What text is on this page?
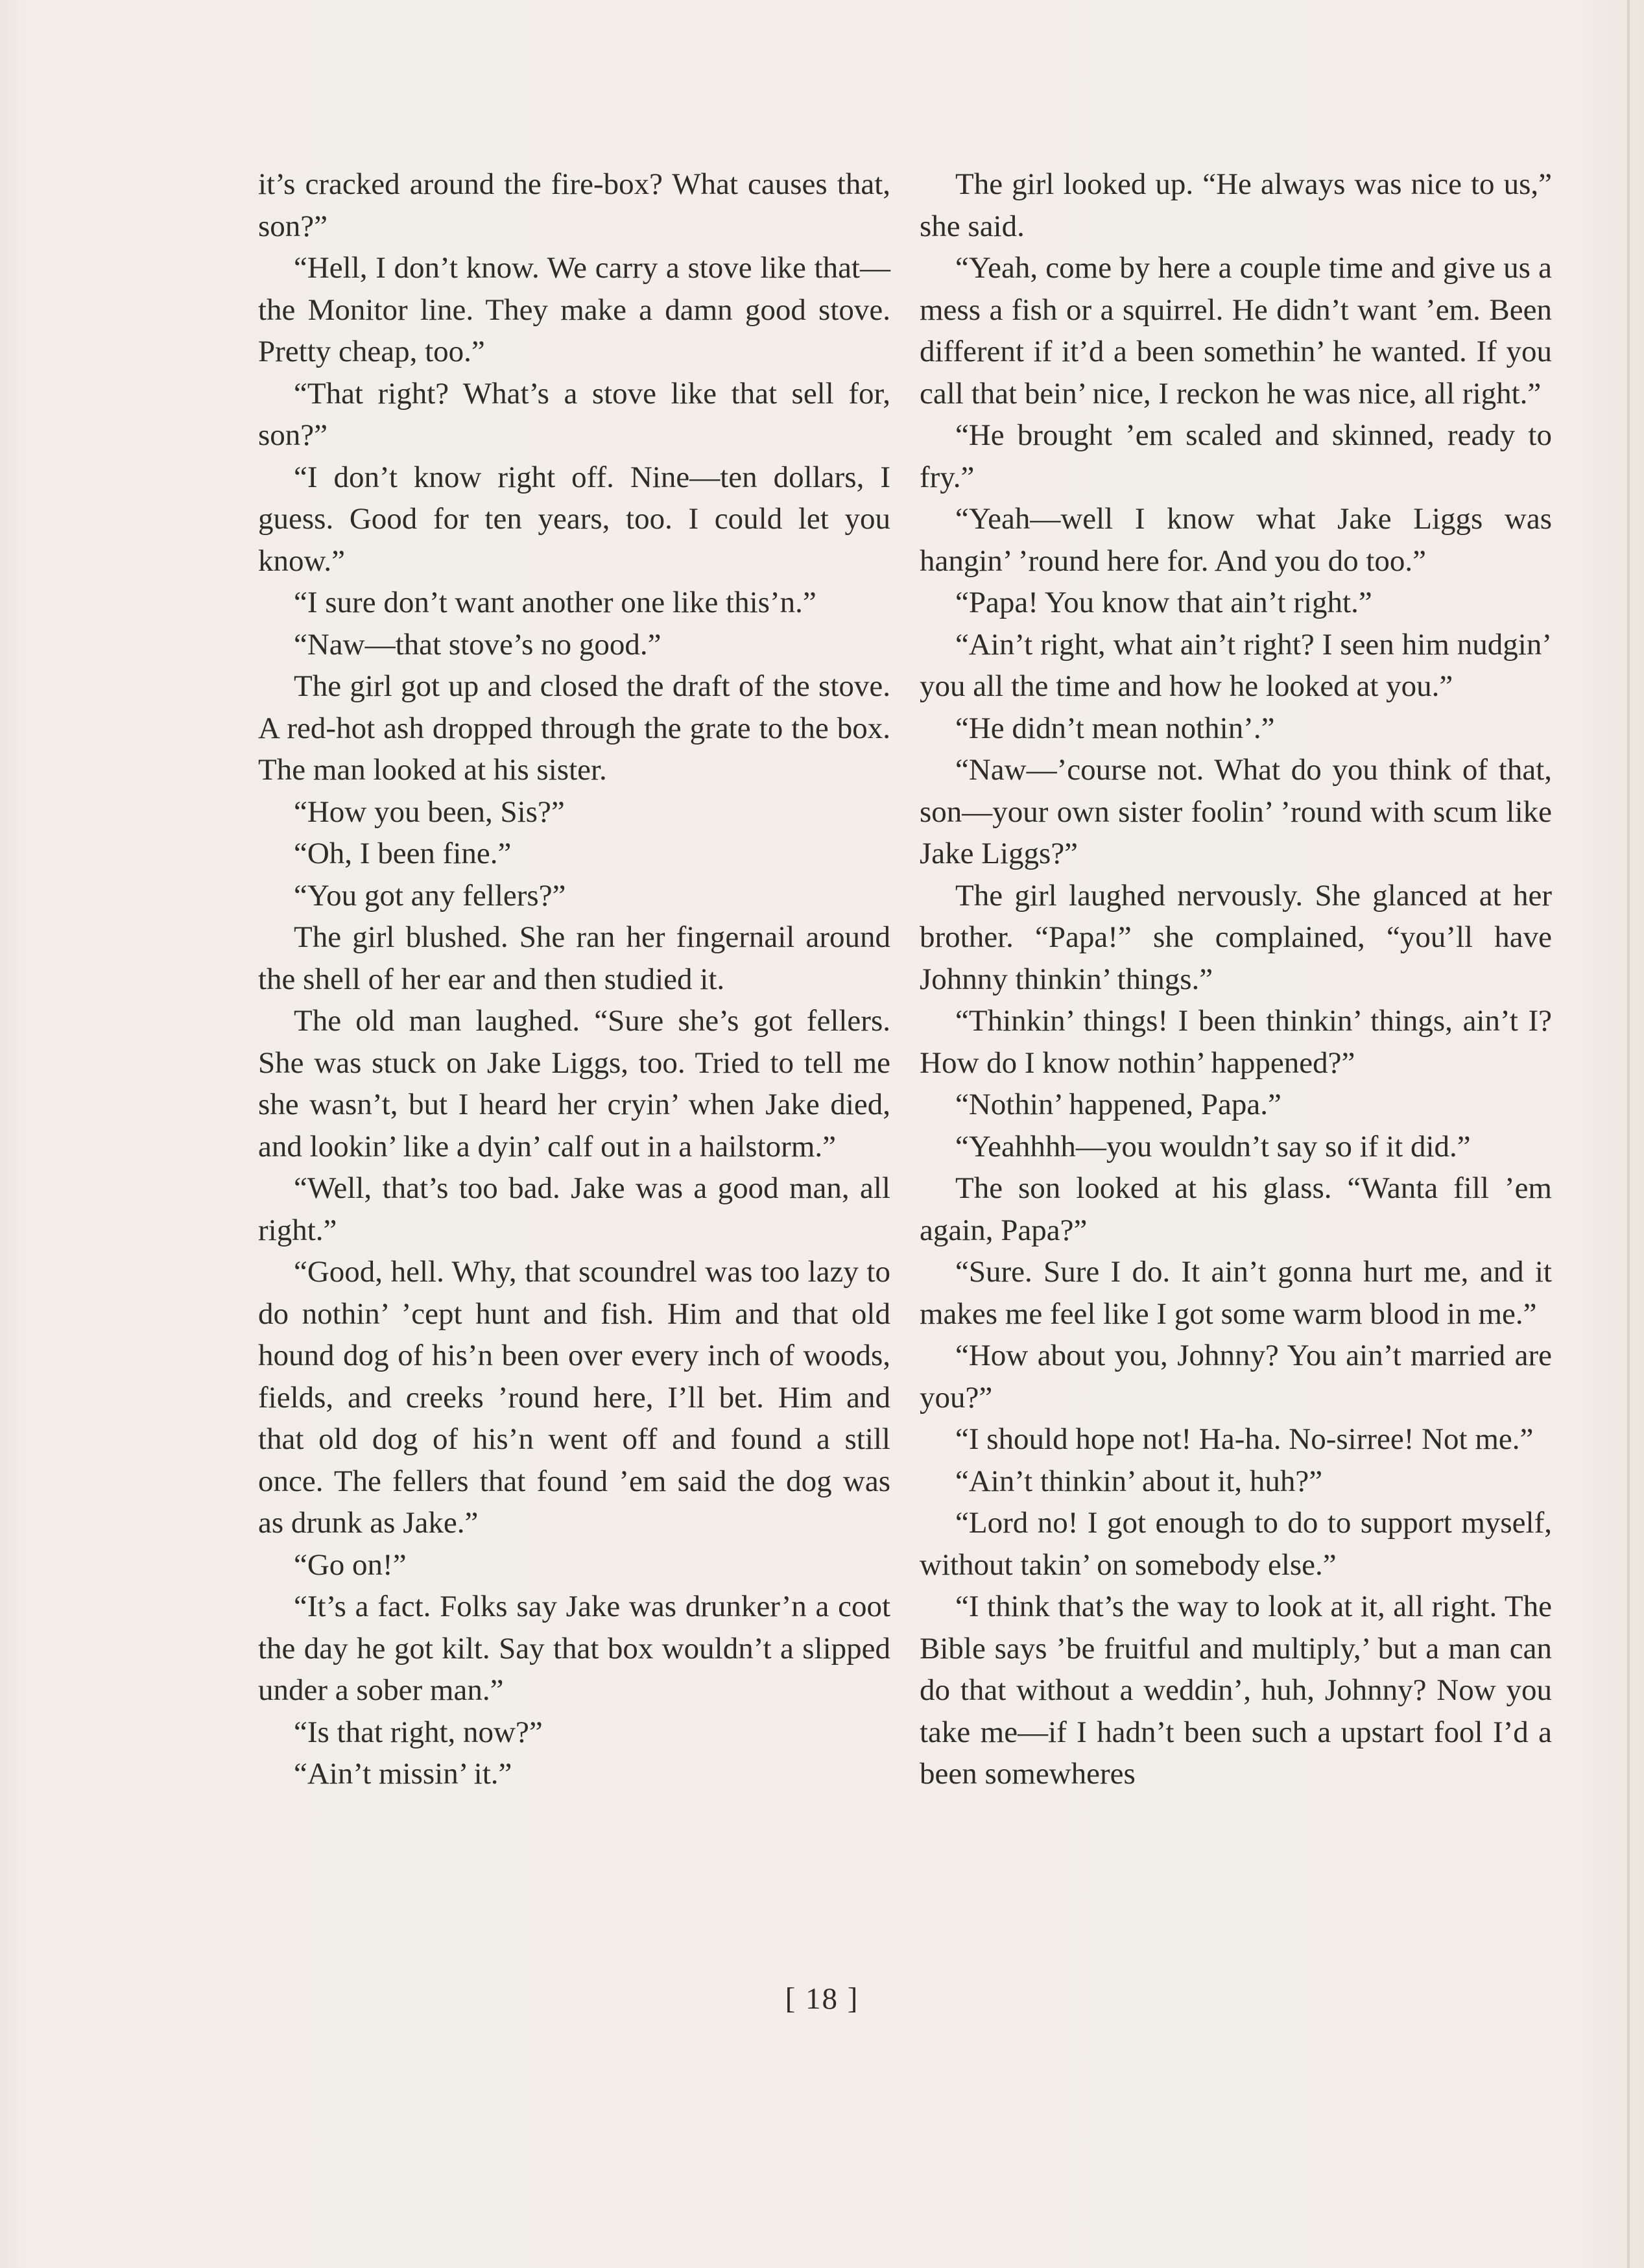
it’s cracked around the fire-box? What causes that, son?”

“Hell, I don’t know. We carry a stove like that—the Monitor line. They make a damn good stove. Pretty cheap, too.”

“That right? What’s a stove like that sell for, son?”

“I don’t know right off. Nine—ten dollars, I guess. Good for ten years, too. I could let you know.”

“I sure don’t want another one like this’n.”

“Naw—that stove’s no good.”

The girl got up and closed the draft of the stove. A red-hot ash dropped through the grate to the box. The man looked at his sister.

“How you been, Sis?”

“Oh, I been fine.”

“You got any fellers?”

The girl blushed. She ran her fingernail around the shell of her ear and then studied it.

The old man laughed. “Sure she’s got fellers. She was stuck on Jake Liggs, too. Tried to tell me she wasn’t, but I heard her cryin’ when Jake died, and lookin’ like a dyin’ calf out in a hailstorm.”

“Well, that’s too bad. Jake was a good man, all right.”

“Good, hell. Why, that scoundrel was too lazy to do nothin’ ’cept hunt and fish. Him and that old hound dog of his’n been over every inch of woods, fields, and creeks ’round here, I’ll bet. Him and that old dog of his’n went off and found a still once. The fellers that found ’em said the dog was as drunk as Jake.”

“Go on!”

“It’s a fact. Folks say Jake was drunker’n a coot the day he got kilt. Say that box wouldn’t a slipped under a sober man.”

“Is that right, now?”

“Ain’t missin’ it.”

The girl looked up. “He always was nice to us,” she said.

“Yeah, come by here a couple time and give us a mess a fish or a squirrel. He didn’t want ’em. Been different if it’d a been somethin’ he wanted. If you call that bein’ nice, I reckon he was nice, all right.”

“He brought ’em scaled and skinned, ready to fry.”

“Yeah—well I know what Jake Liggs was hangin’ ’round here for. And you do too.”

“Papa! You know that ain’t right.”

“Ain’t right, what ain’t right? I seen him nudgin’ you all the time and how he looked at you.”

“He didn’t mean nothin’.”

“Naw—’course not. What do you think of that, son—your own sister foolin’ ’round with scum like Jake Liggs?”

The girl laughed nervously. She glanced at her brother. “Papa!” she complained, “you’ll have Johnny thinkin’ things.”

“Thinkin’ things! I been thinkin’ things, ain’t I? How do I know nothin’ happened?”

“Nothin’ happened, Papa.”

“Yeahhhh—you wouldn’t say so if it did.”

The son looked at his glass. “Wanta fill ’em again, Papa?”

“Sure. Sure I do. It ain’t gonna hurt me, and it makes me feel like I got some warm blood in me.”

“How about you, Johnny? You ain’t married are you?”

“I should hope not! Ha-ha. No-sirree! Not me.”

“Ain’t thinkin’ about it, huh?”

“Lord no! I got enough to do to support myself, without takin’ on somebody else.”

“I think that’s the way to look at it, all right. The Bible says ’be fruitful and multiply,’ but a man can do that without a weddin’, huh, Johnny? Now you take me—if I hadn’t been such a upstart fool I’d a been somewheres

[ 18 ]
